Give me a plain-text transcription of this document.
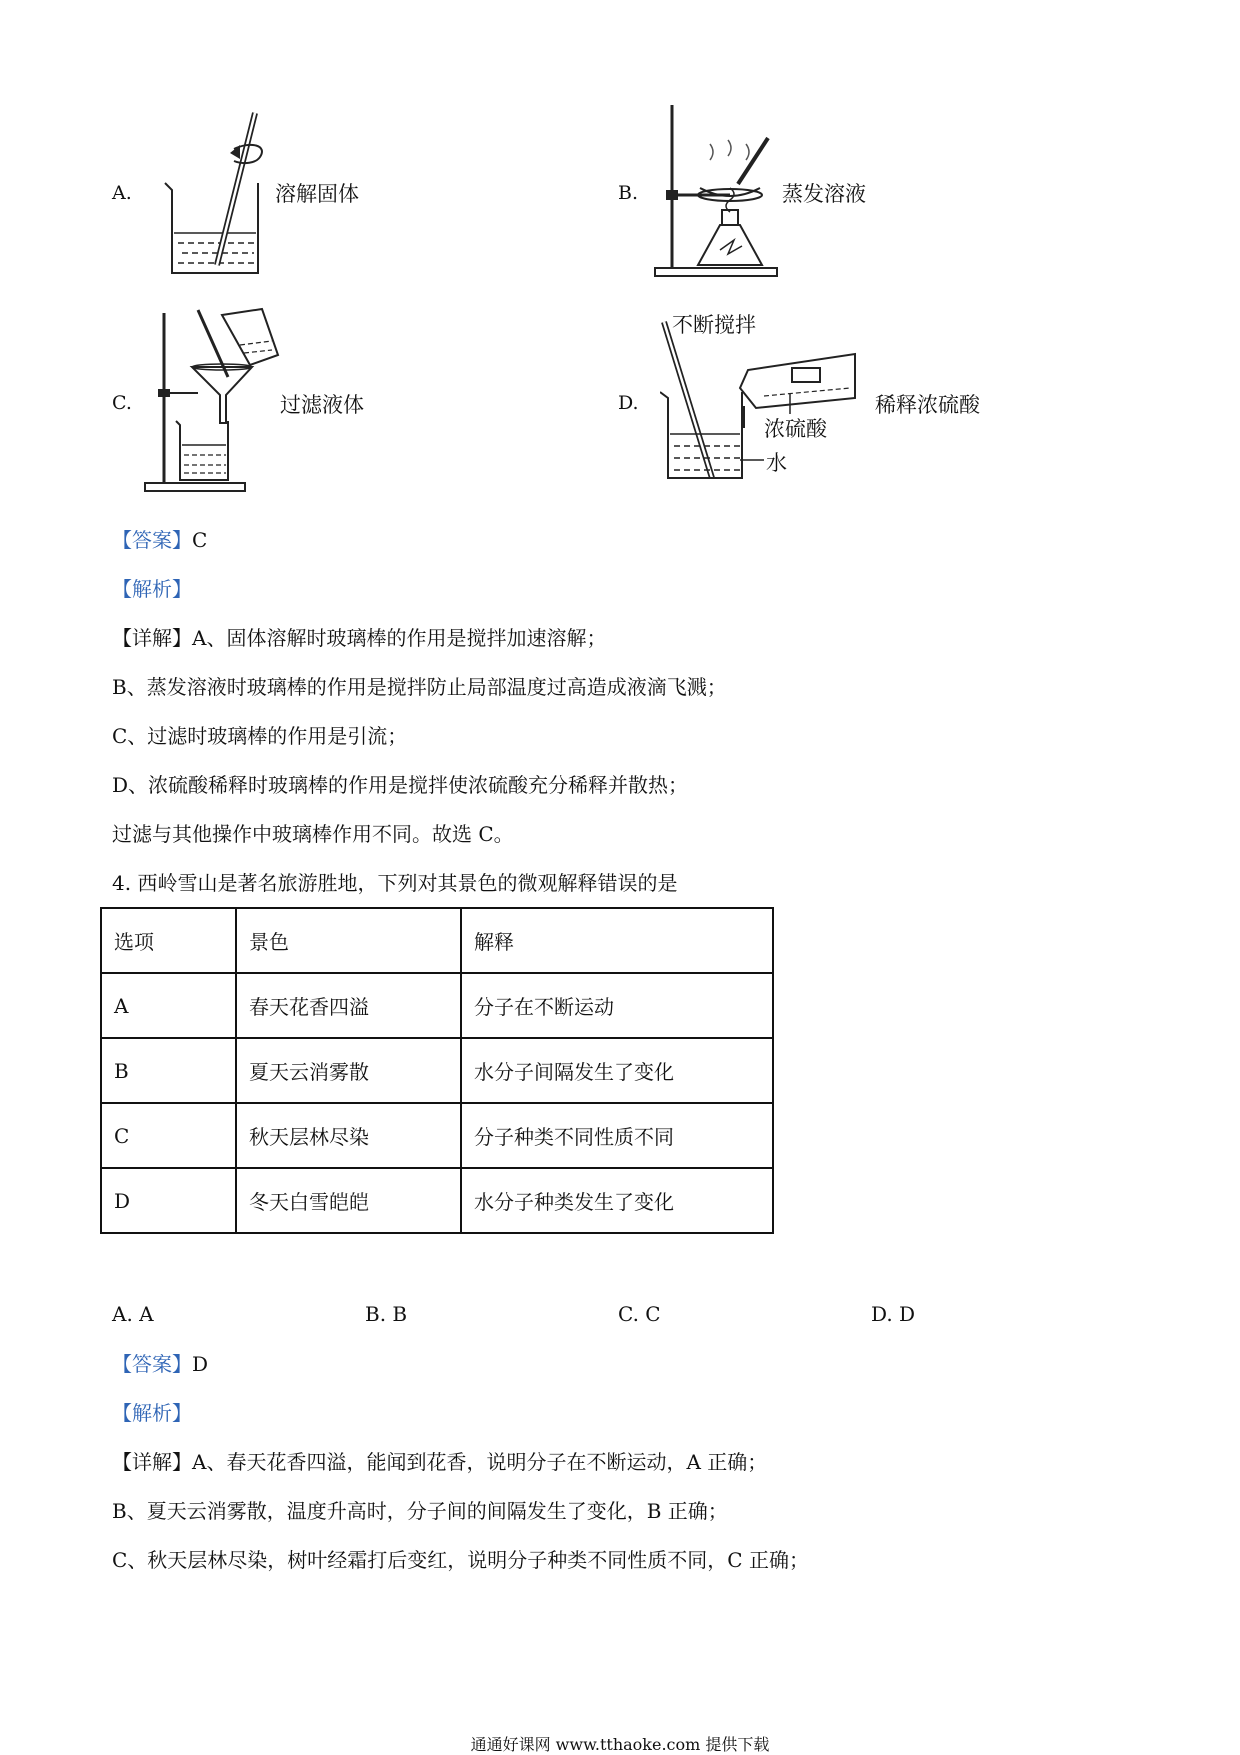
A.	溶解固体	B.	蒸发溶液
C.	过滤液体	D.
不断搅拌
浓硫酸
水
稀释浓硫酸
【答案】C
【解析】
【详解】A、固体溶解时玻璃棒的作用是搅拌加速溶解；
B、蒸发溶液时玻璃棒的作用是搅拌防止局部温度过高造成液滴飞溅；
C、过滤时玻璃棒的作用是引流；
D、浓硫酸稀释时玻璃棒的作用是搅拌使浓硫酸充分稀释并散热；
过滤与其他操作中玻璃棒作用不同。故选 C。
4. 西岭雪山是著名旅游胜地，下列对其景色的微观解释错误的是
选项	景色	解释
A	春天花香四溢	分子在不断运动
B	夏天云消雾散	水分子间隔发生了变化
C	秋天层林尽染	分子种类不同性质不同
D	冬天白雪皑皑	水分子种类发生了变化
A. A	B. B	C. C	D. D
【答案】D
【解析】
【详解】A、春天花香四溢，能闻到花香，说明分子在不断运动，A 正确；
B、夏天云消雾散，温度升高时，分子间的间隔发生了变化，B 正确；
C、秋天层林尽染，树叶经霜打后变红，说明分子种类不同性质不同，C 正确；
通通好课网 www.tthaoke.com 提供下载
